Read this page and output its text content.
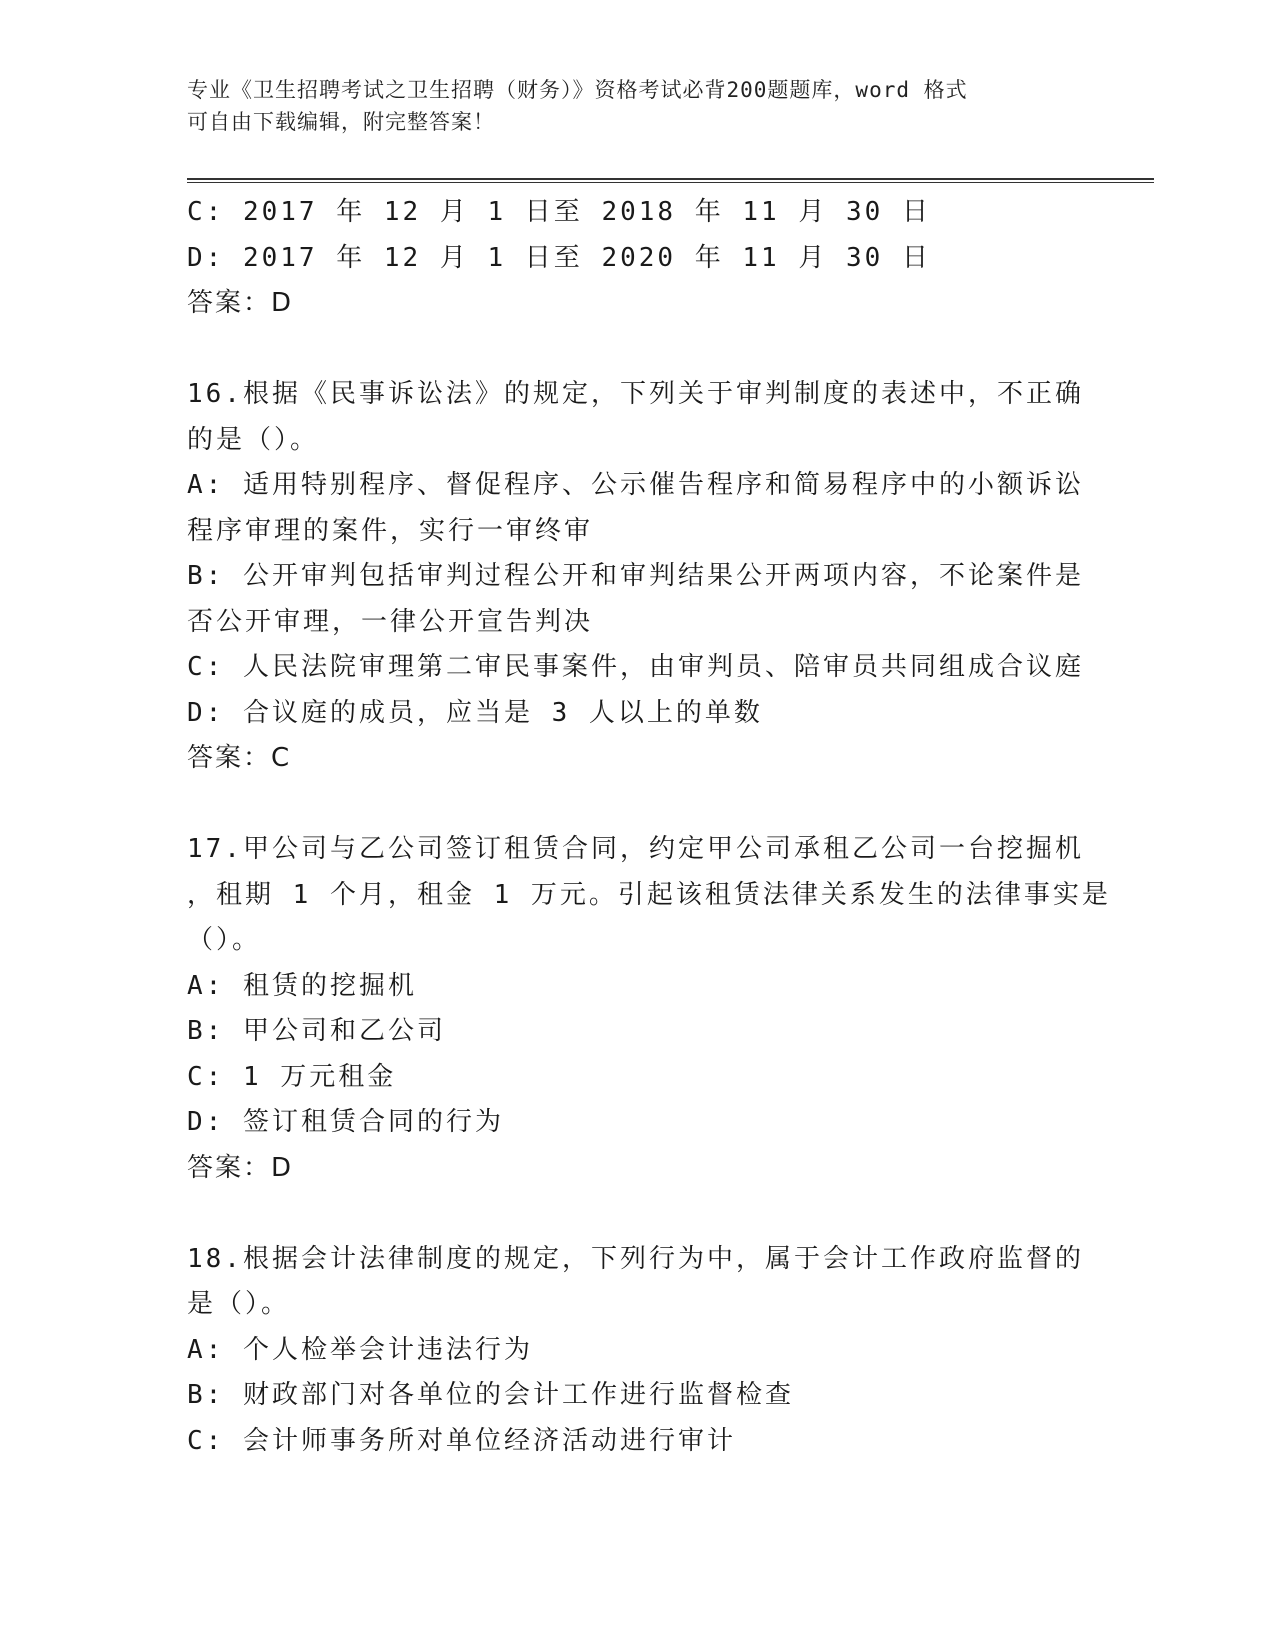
专业《卫生招聘考试之卫生招聘（财务）》资格考试必背200题题库，word 格式
可自由下载编辑，附完整答案！
C: 2017 年 12 月 1 日至 2018 年 11 月 30 日
D: 2017 年 12 月 1 日至 2020 年 11 月 30 日
答案：D
16.根据《民事诉讼法》的规定，下列关于审判制度的表述中，不正确
的是（）。
A: 适用特别程序、督促程序、公示催告程序和简易程序中的小额诉讼
程序审理的案件，实行一审终审
B: 公开审判包括审判过程公开和审判结果公开两项内容，不论案件是
否公开审理，一律公开宣告判决
C: 人民法院审理第二审民事案件，由审判员、陪审员共同组成合议庭
D: 合议庭的成员，应当是 3 人以上的单数
答案：C
17.甲公司与乙公司签订租赁合同，约定甲公司承租乙公司一台挖掘机
，租期 1 个月，租金 1 万元。引起该租赁法律关系发生的法律事实是
（）。
A: 租赁的挖掘机
B: 甲公司和乙公司
C: 1 万元租金
D: 签订租赁合同的行为
答案：D
18.根据会计法律制度的规定，下列行为中，属于会计工作政府监督的
是（）。
A: 个人检举会计违法行为
B: 财政部门对各单位的会计工作进行监督检查
C: 会计师事务所对单位经济活动进行审计
